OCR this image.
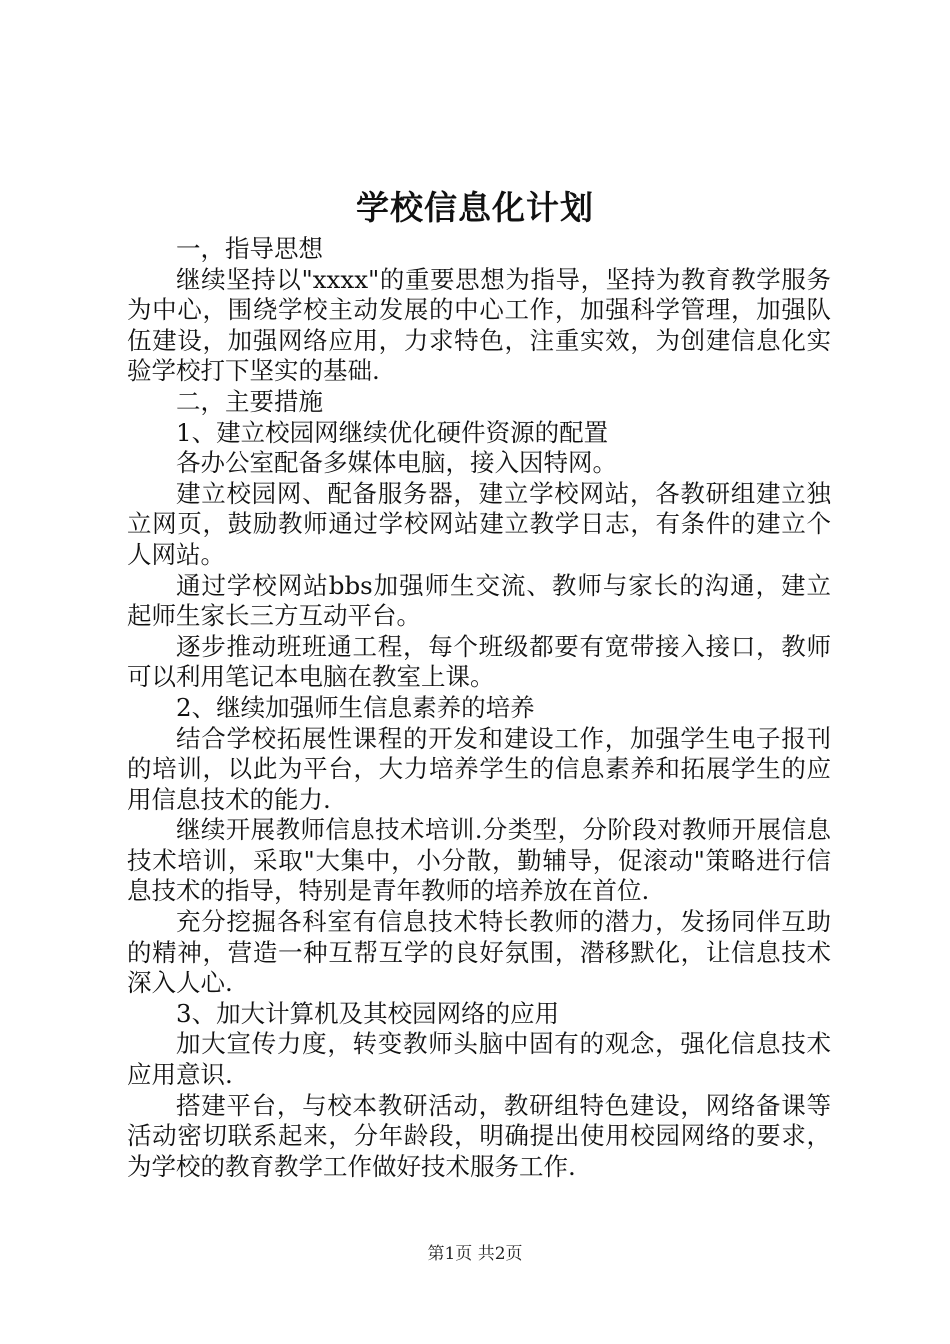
学校信息化计划

一，指导思想

继续坚持以"xxxx"的重要思想为指导，坚持为教育教学服务为中心，围绕学校主动发展的中心工作，加强科学管理，加强队伍建设，加强网络应用，力求特色，注重实效，为创建信息化实验学校打下坚实的基础.

二，主要措施

1、建立校园网继续优化硬件资源的配置

各办公室配备多媒体电脑，接入因特网。

建立校园网、配备服务器，建立学校网站，各教研组建立独立网页，鼓励教师通过学校网站建立教学日志，有条件的建立个人网站。

通过学校网站bbs加强师生交流、教师与家长的沟通，建立起师生家长三方互动平台。

逐步推动班班通工程，每个班级都要有宽带接入接口，教师可以利用笔记本电脑在教室上课。

2、继续加强师生信息素养的培养

结合学校拓展性课程的开发和建设工作，加强学生电子报刊的培训，以此为平台，大力培养学生的信息素养和拓展学生的应用信息技术的能力.

继续开展教师信息技术培训.分类型，分阶段对教师开展信息技术培训，采取"大集中，小分散，勤辅导，促滚动"策略进行信息技术的指导，特别是青年教师的培养放在首位.

充分挖掘各科室有信息技术特长教师的潜力，发扬同伴互助的精神，营造一种互帮互学的良好氛围，潜移默化，让信息技术深入人心.

3、加大计算机及其校园网络的应用

加大宣传力度，转变教师头脑中固有的观念，强化信息技术应用意识.

搭建平台，与校本教研活动，教研组特色建设，网络备课等活动密切联系起来，分年龄段，明确提出使用校园网络的要求，为学校的教育教学工作做好技术服务工作.

第1页 共2页
